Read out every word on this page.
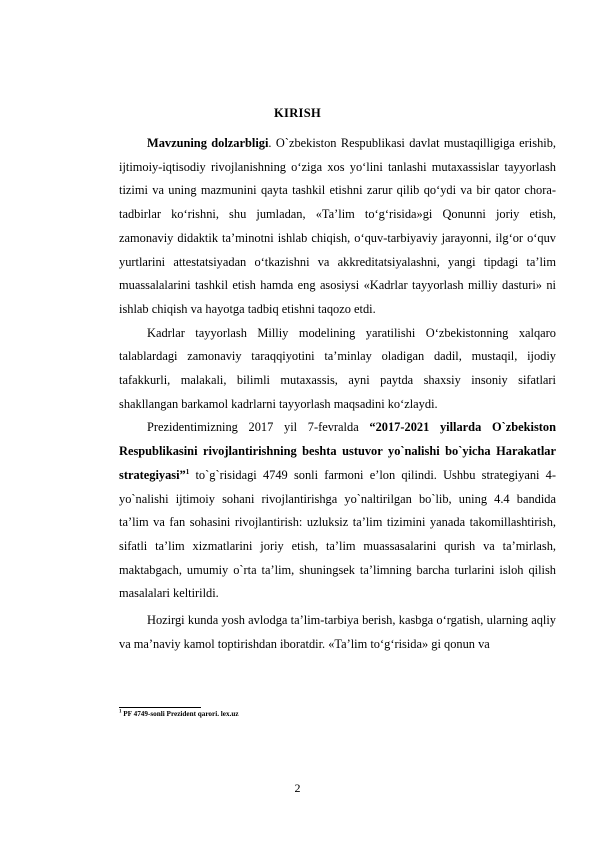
KIRISH

Mavzuning dolzarbligi. O`zbekiston Respublikasi davlat mustaqilligiga erishib, ijtimoiy-iqtisodiy rivojlanishning o‘ziga xos yo‘lini tanlashi mutaxassislar tayyorlash tizimi va uning mazmunini qayta tashkil etishni zarur qilib qo‘ydi va bir qator chora- tadbirlar ko‘rishni, shu jumladan, «Ta’lim to‘g‘risida»gi Qonunni joriy etish, zamonaviy didaktik ta’minotni ishlab chiqish, o‘quv-tarbiyaviy jarayonni, ilg‘or o‘quv yurtlarini attestatsiyadan o‘tkazishni va akkreditatsiyalashni, yangi tipdagi ta’lim muassalalarini tashkil etish hamda eng asosiysi «Kadrlar tayyorlash milliy dasturi» ni ishlab chiqish va hayotga tadbiq etishni taqozo etdi.

Kadrlar tayyorlash Milliy modelining yaratilishi O‘zbekistonning xalqaro talablardagi zamonaviy taraqqiyotini ta’minlay oladigan dadil, mustaqil, ijodiy tafakkurli, malakali, bilimli mutaxassis, ayni paytda shaxsiy insoniy sifatlari shakllangan barkamol kadrlarni tayyorlash maqsadini ko‘zlaydi.

Prezidentimizning 2017 yil 7-fevralda “2017-2021 yillarda O`zbekiston Respublikasini rivojlantirishning beshta ustuvor yo`nalishi bo`yicha Harakatlar strategiyasi”$^1$ to`g`risidagi 4749 sonli farmoni e’lon qilindi. Ushbu strategiyani 4-yo`nalishi ijtimoiy sohani rivojlantirishga yo`naltirilgan bo`lib, uning 4.4 bandida ta’lim va fan sohasini rivojlantirish: uzluksiz ta’lim tizimini yanada takomillashtirish, sifatli ta’lim xizmatlarini joriy etish, ta’lim muassasalarini qurish va ta’mirlash, maktabgach, umumiy o`rta ta’lim, shuningsek ta’limning barcha turlarini isloh qilish masalalari keltirildi.

Hozirgi kunda yosh avlodga ta’lim-tarbiya berish, kasbga o‘rgatish, ularning aqliy va ma’naviy kamol toptirishdan iboratdir. «Ta’lim to‘g‘risida» gi qonun va

$^1$ PF 4749-sonli Prezident qarori. lex.uz
2
